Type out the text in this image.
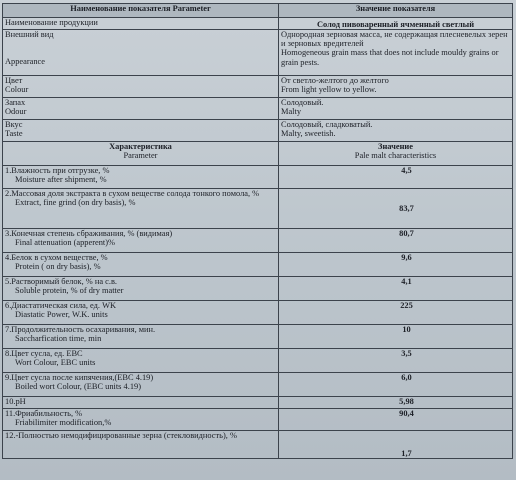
Наименование показателя Parameter	Значение показателя
Наименование продукции	Солод пивоваренный ячменный светлый

Внешний вид
Appearance	Однородная зерновая масса, не содержащая плесневелых зерен и зерновых вредителей
Homogeneous grain mass that does not include mouldy grains or grain pests.

Цвет
Colour	От светло-желтого до желтого
From light yellow to yellow.

Запах
Odour	Солодовый.
Malty

Вкус
Taste	Солодовый, сладковатый.
Malty, sweetish.

Характеристика
Parameter	Значение
Pale malt characteristics

1.Влажность при отгрузке, %
Moisture after shipment, %	4,5

2.Массовая доля экстракта в сухом веществе солода тонкого помола, %
Extract, fine grind (on dry basis), %	83,7

3.Конечная степень сбраживания, % (видимая)
Final attenuation (apperent)%	80,7

4.Белок в сухом веществе, %
Protein ( on dry basis), %	9,6

5.Растворимый белок, % на с.в.
Soluble protein, % of dry matter	4,1

6.Диастатическая сила, ед. WK
Diastatic Power, W.K. units	225

7.Продолжительность осахаривания, мин.
Saccharfication time, min	10

8.Цвет сусла, ед. EBC
Wort Colour, EBC units	3,5

9.Цвет сусла после кипячения,(EBC 4.19)
Boiled wort Colour, (EBC units 4.19)	6,0

10.pH	5,98

11.Фриабильность, %
Friabilimiter modification,%	90,4

12.-Полностью немодифицированные зерна (стекловидность), %	1,7
